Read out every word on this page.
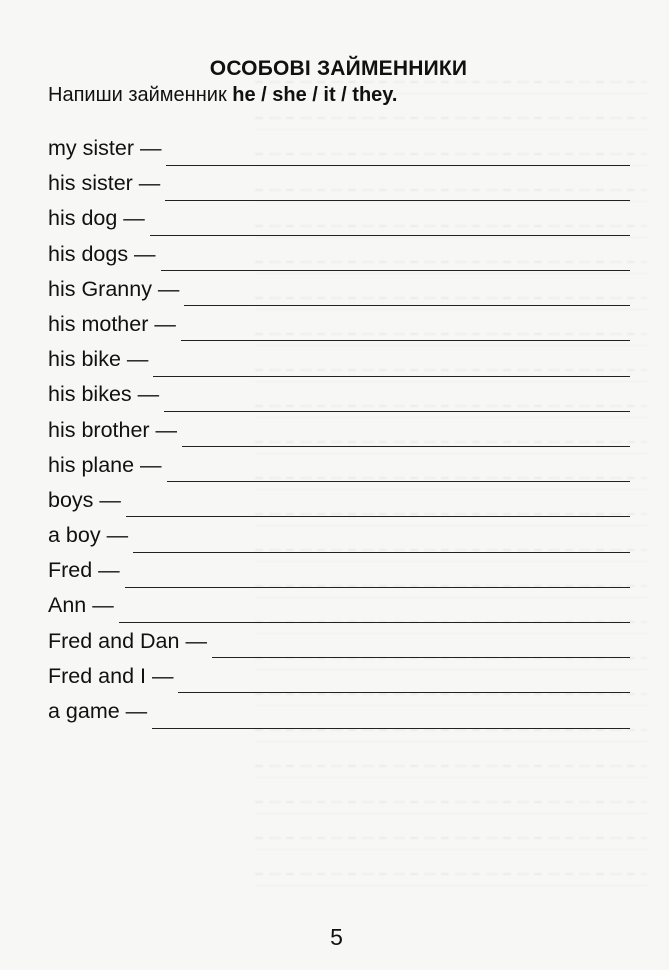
ОСОБОВІ ЗАЙМЕННИКИ

Напиши займенник he / she / it / they.

my sister —
his sister —
his dog —
his dogs —
his Granny —
his mother —
his bike —
his bikes —
his brother —
his plane —
boys —
a boy —
Fred —
Ann —
Fred and Dan —
Fred and I —
a game —

5
